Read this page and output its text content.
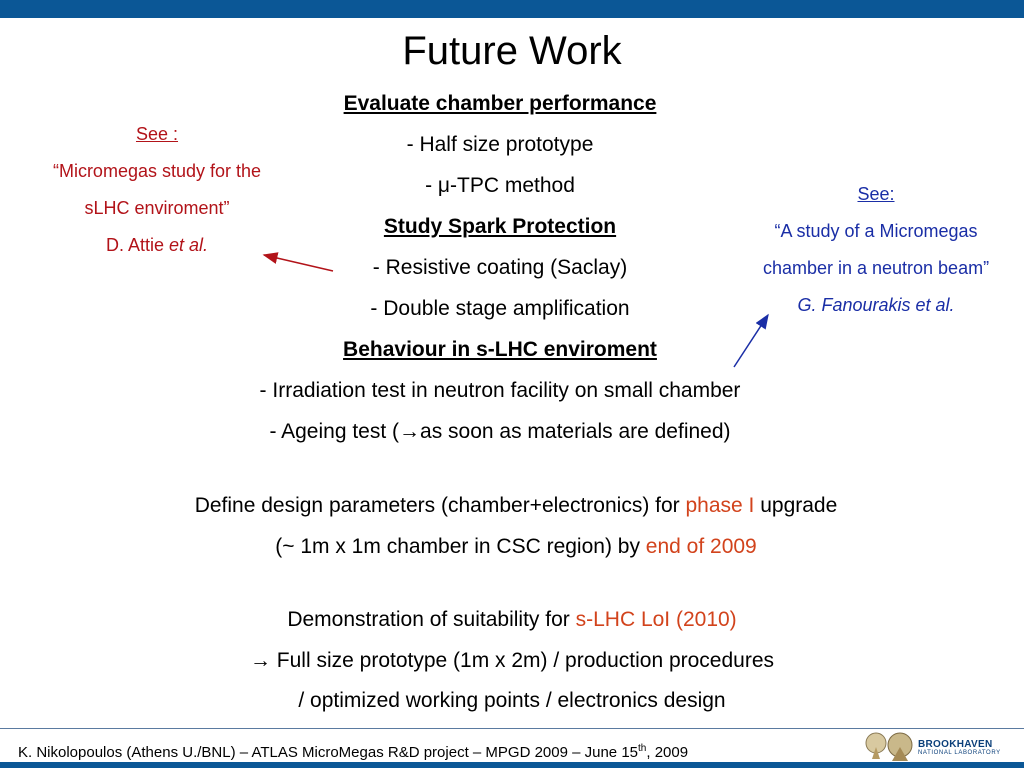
Future Work
Evaluate chamber performance
- Half size prototype
- μ-TPC method
Study Spark Protection
- Resistive coating (Saclay)
- Double stage amplification
Behaviour in s-LHC enviroment
- Irradiation test in neutron facility on small chamber
- Ageing test (→as soon as materials are defined)
Define design parameters (chamber+electronics) for phase I upgrade
(~ 1m x 1m chamber in CSC region) by end of 2009
Demonstration of suitability for s-LHC LoI (2010)
→ Full size prototype (1m x 2m) / production procedures
/ optimized working points / electronics design
See :
“Micromegas study for the
sLHC enviroment”
D. Attie et al.
See:
“A study of a Micromegas
chamber in a neutron beam”
G. Fanourakis et al.
K. Nikolopoulos (Athens U./BNL) – ATLAS MicroMegas R&D project – MPGD 2009 – June 15th, 2009	BROOKHAVEN
NATIONAL LABORATORY
